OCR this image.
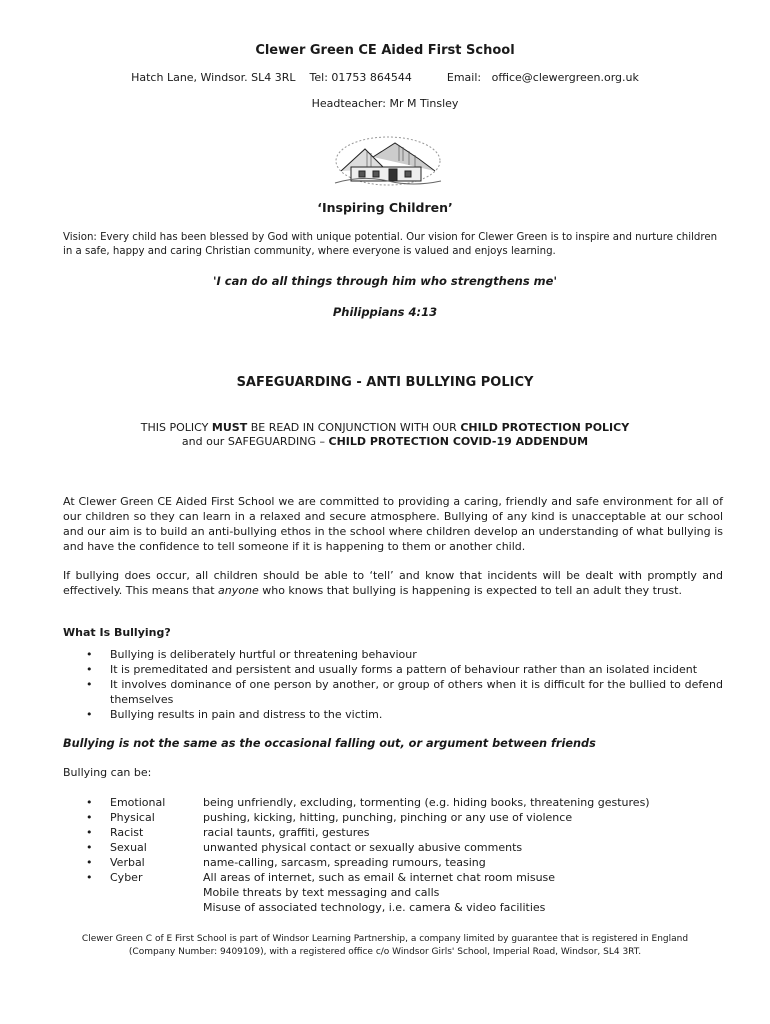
Clewer Green CE Aided First School
Hatch Lane, Windsor. SL4 3RL Tel: 01753 864544	Email:   office@clewergreen.org.uk
Headteacher: Mr M Tinsley
‘Inspiring Children’
Vision: Every child has been blessed by God with unique potential. Our vision for Clewer Green is to inspire and nurture children in a safe, happy and caring Christian community, where everyone is valued and enjoys learning.
'I can do all things through him who strengthens me'
Philippians 4:13
SAFEGUARDING - ANTI BULLYING POLICY
THIS POLICY MUST BE READ IN CONJUNCTION WITH OUR CHILD PROTECTION POLICY
and our SAFEGUARDING – CHILD PROTECTION COVID-19 ADDENDUM
At Clewer Green CE Aided First School we are committed to providing a caring, friendly and safe environment for all of our children so they can learn in a relaxed and secure atmosphere. Bullying of any kind is unacceptable at our school and our aim is to build an anti-bullying ethos in the school where children develop an understanding of what bullying is and have the confidence to tell someone if it is happening to them or another child.
If bullying does occur, all children should be able to ‘tell’ and know that incidents will be dealt with promptly and effectively. This means that anyone who knows that bullying is happening is expected to tell an adult they trust.
What Is Bullying?
• Bullying is deliberately hurtful or threatening behaviour
• It is premeditated and persistent and usually forms a pattern of behaviour rather than an isolated incident
• It involves dominance of one person by another, or group of others when it is difficult for the bullied to defend themselves
• Bullying results in pain and distress to the victim.
Bullying is not the same as the occasional falling out, or argument between friends
Bullying can be:
• Emotional	being unfriendly, excluding, tormenting (e.g. hiding books, threatening gestures)
• Physical	pushing, kicking, hitting, punching, pinching or any use of violence
• Racist	racial taunts, graffiti, gestures
• Sexual	unwanted physical contact or sexually abusive comments
• Verbal	name-calling, sarcasm, spreading rumours, teasing
• Cyber	All areas of internet, such as email & internet chat room misuse
Mobile threats by text messaging and calls
Misuse of associated technology, i.e. camera & video facilities
Clewer Green C of E First School is part of Windsor Learning Partnership, a company limited by guarantee that is registered in England
(Company Number: 9409109), with a registered office c/o Windsor Girls' School, Imperial Road, Windsor, SL4 3RT.
